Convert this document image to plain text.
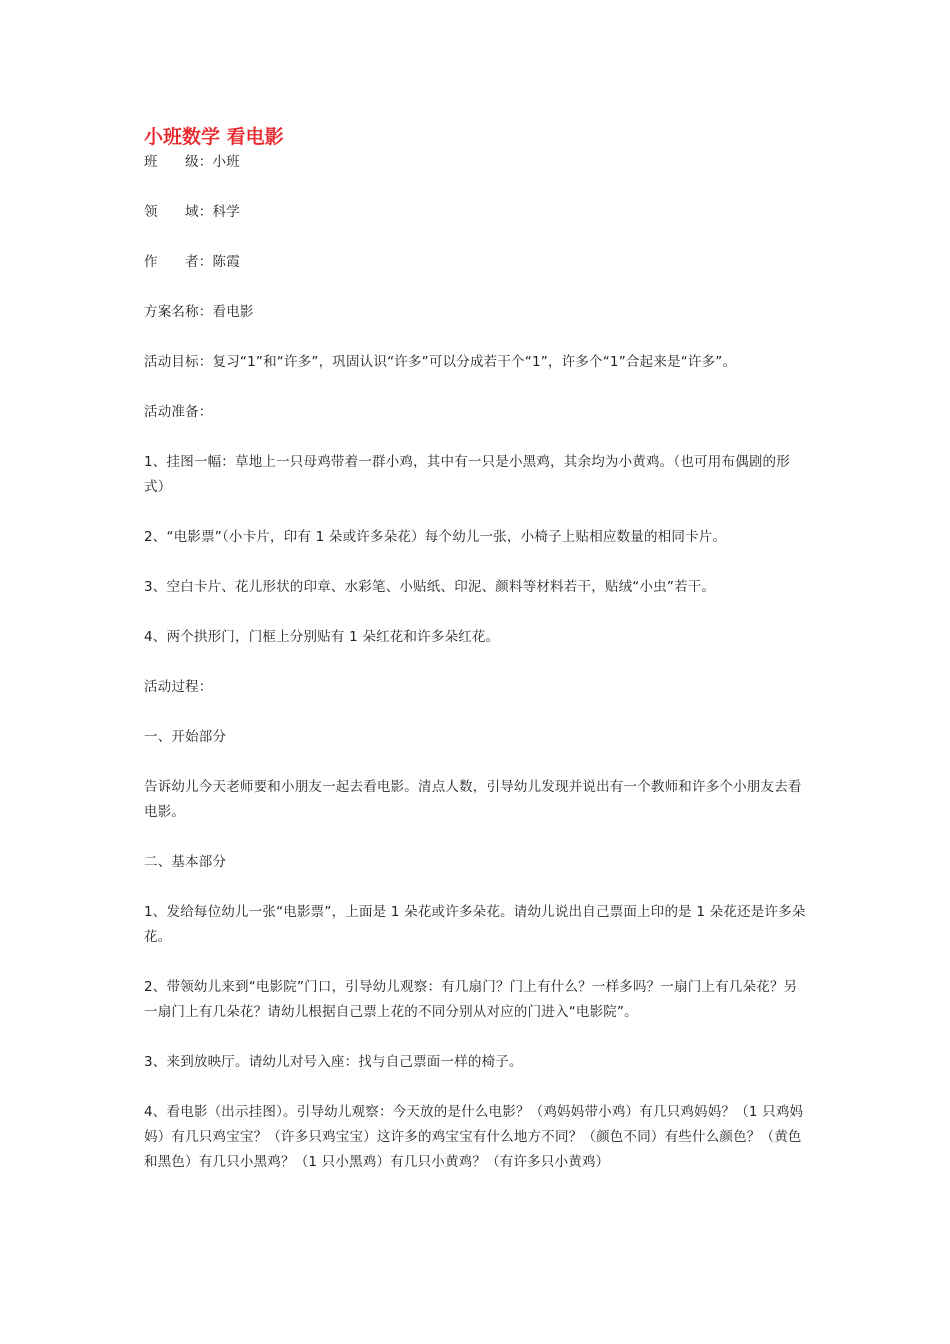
小班数学 看电影

班　　级：小班

领　　域：科学

作　　者：陈霞

方案名称：看电影

活动目标：复习“1”和“许多”，巩固认识“许多”可以分成若干个“1”，许多个“1”合起来是“许多”。

活动准备：

1、挂图一幅：草地上一只母鸡带着一群小鸡，其中有一只是小黑鸡，其余均为小黄鸡。（也可用布偶剧的形式）

2、“电影票”（小卡片，印有 1 朵或许多朵花）每个幼儿一张，小椅子上贴相应数量的相同卡片。

3、空白卡片、花儿形状的印章、水彩笔、小贴纸、印泥、颜料等材料若干，贴绒“小虫”若干。

4、两个拱形门，门框上分别贴有 1 朵红花和许多朵红花。

活动过程：

一、开始部分

告诉幼儿今天老师要和小朋友一起去看电影。清点人数，引导幼儿发现并说出有一个教师和许多个小朋友去看电影。

二、基本部分

1、发给每位幼儿一张“电影票”，上面是 1 朵花或许多朵花。请幼儿说出自己票面上印的是 1 朵花还是许多朵花。

2、带领幼儿来到“电影院”门口，引导幼儿观察：有几扇门？门上有什么？一样多吗？一扇门上有几朵花？另一扇门上有几朵花？请幼儿根据自己票上花的不同分别从对应的门进入“电影院”。

3、来到放映厅。请幼儿对号入座：找与自己票面一样的椅子。

4、看电影（出示挂图）。引导幼儿观察：今天放的是什么电影？（鸡妈妈带小鸡）有几只鸡妈妈？（1 只鸡妈妈）有几只鸡宝宝？（许多只鸡宝宝）这许多的鸡宝宝有什么地方不同？（颜色不同）有些什么颜色？（黄色和黑色）有几只小黑鸡？（1 只小黑鸡）有几只小黄鸡？（有许多只小黄鸡）
